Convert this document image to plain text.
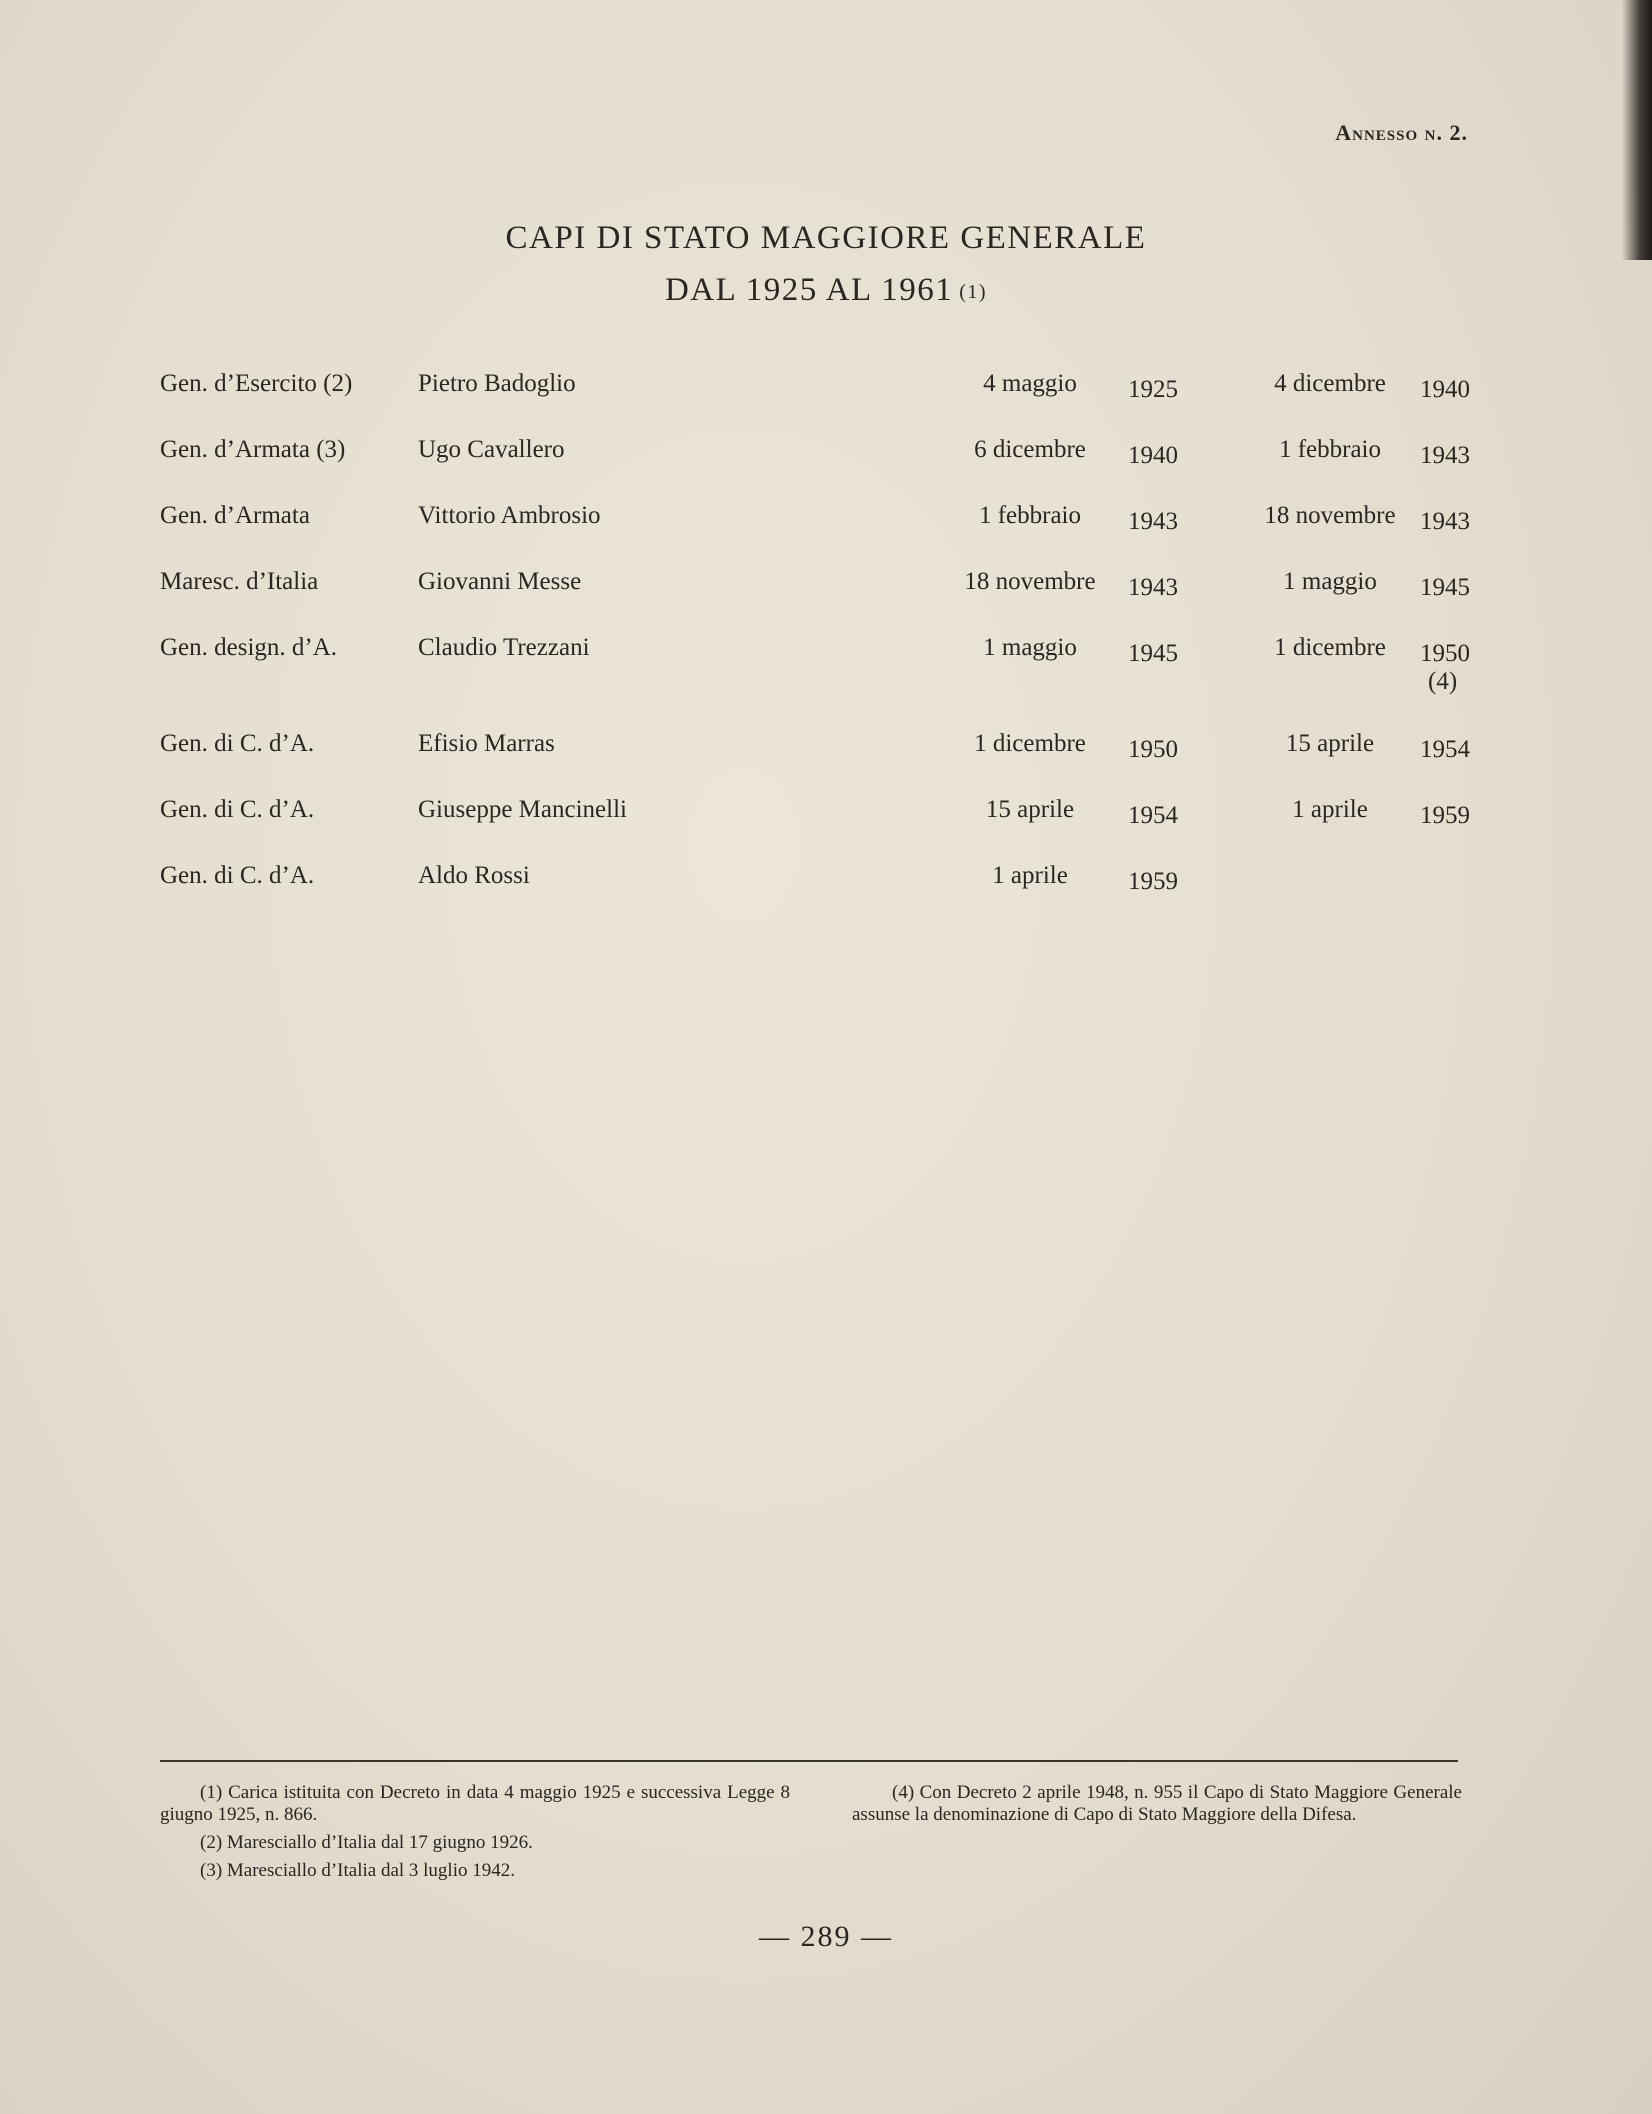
Annesso n. 2.
CAPI DI STATO MAGGIORE GENERALE
DAL 1925 AL 1961 (1)
Gen. d’Esercito (2)	Pietro Badoglio	4 maggio	1925	4 dicembre	1940
Gen. d’Armata (3)	Ugo Cavallero	6 dicembre	1940	1 febbraio	1943
Gen. d’Armata	Vittorio Ambrosio	1 febbraio	1943	18 novembre 1943
Maresc. d’Italia	Giovanni Messe	18 novembre	1943	1 maggio	1945
Gen. design. d’A.	Claudio Trezzani	1 maggio	1945	1 dicembre	1950
(4)
Gen. di C. d’A.	Efisio Marras	1 dicembre	1950	15 aprile	1954
Gen. di C. d’A.	Giuseppe Mancinelli	15 aprile	1954	1 aprile	1959
Gen. di C. d’A.	Aldo Rossi	1 aprile	1959

(1) Carica istituita con Decreto in data 4 maggio 1925 e successiva Legge 8 giugno 1925, n. 866.

(2) Maresciallo d’Italia dal 17 giugno 1926.

(3) Maresciallo d’Italia dal 3 luglio 1942.

(4) Con Decreto 2 aprile 1948, n. 955 il Capo di Stato Maggiore Generale assunse la denominazione di Capo di Stato Maggiore della Difesa.

— 289 —
